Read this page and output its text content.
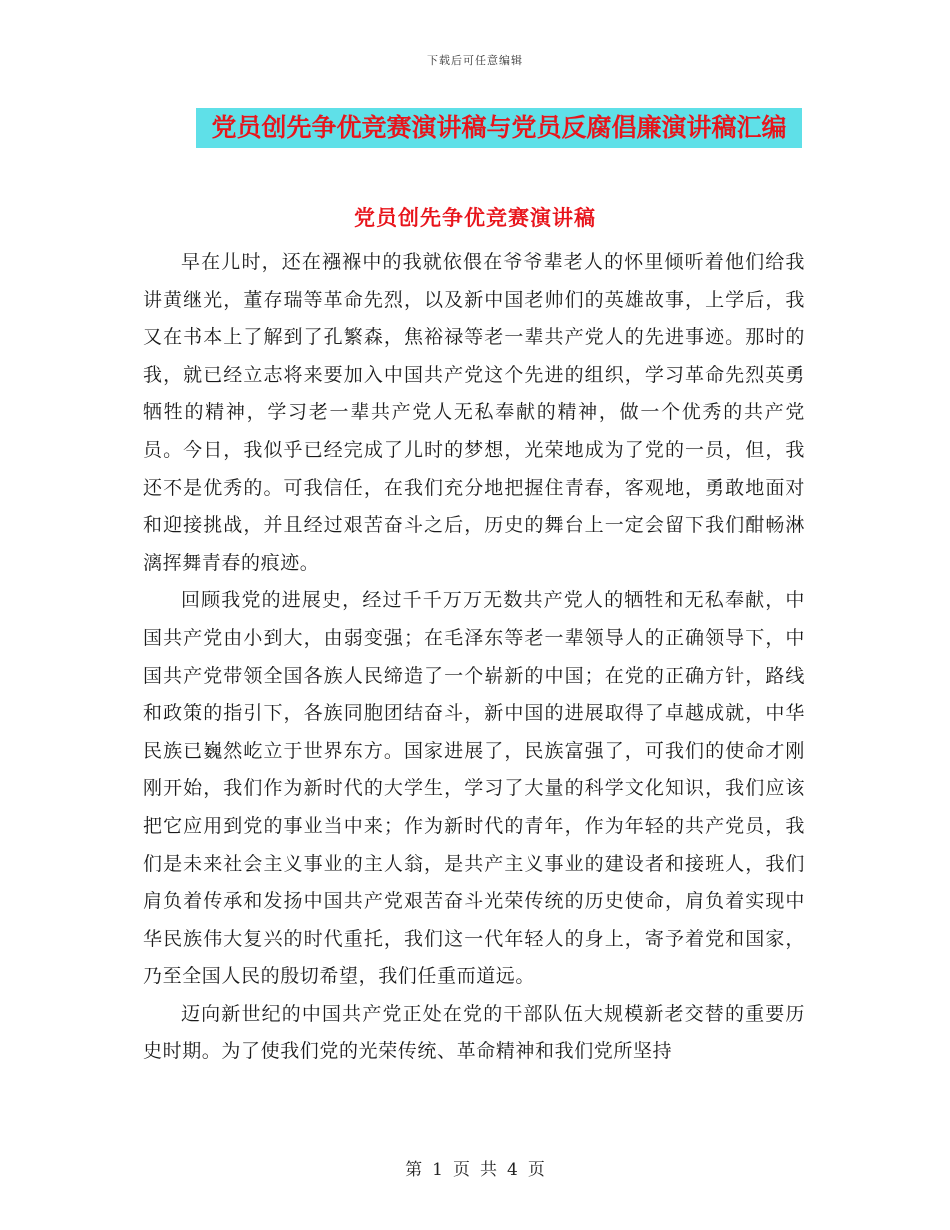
下载后可任意编辑
党员创先争优竞赛演讲稿与党员反腐倡廉演讲稿汇编
党员创先争优竞赛演讲稿

早在儿时，还在襁褓中的我就依偎在爷爷辈老人的怀里倾听着他们给我讲黄继光，董存瑞等革命先烈，以及新中国老帅们的英雄故事，上学后，我又在书本上了解到了孔繁森，焦裕禄等老一辈共产党人的先进事迹。那时的我，就已经立志将来要加入中国共产党这个先进的组织，学习革命先烈英勇牺牲的精神，学习老一辈共产党人无私奉献的精神，做一个优秀的共产党员。今日，我似乎已经完成了儿时的梦想，光荣地成为了党的一员，但，我还不是优秀的。可我信任，在我们充分地把握住青春，客观地，勇敢地面对和迎接挑战，并且经过艰苦奋斗之后，历史的舞台上一定会留下我们酣畅淋漓挥舞青春的痕迹。

回顾我党的进展史，经过千千万万无数共产党人的牺牲和无私奉献，中国共产党由小到大，由弱变强；在毛泽东等老一辈领导人的正确领导下，中国共产党带领全国各族人民缔造了一个崭新的中国；在党的正确方针，路线和政策的指引下，各族同胞团结奋斗，新中国的进展取得了卓越成就，中华民族已巍然屹立于世界东方。国家进展了，民族富强了，可我们的使命才刚刚开始，我们作为新时代的大学生，学习了大量的科学文化知识，我们应该把它应用到党的事业当中来；作为新时代的青年，作为年轻的共产党员，我们是未来社会主义事业的主人翁，是共产主义事业的建设者和接班人，我们肩负着传承和发扬中国共产党艰苦奋斗光荣传统的历史使命，肩负着实现中华民族伟大复兴的时代重托，我们这一代年轻人的身上，寄予着党和国家，乃至全国人民的殷切希望，我们任重而道远。

迈向新世纪的中国共产党正处在党的干部队伍大规模新老交替的重要历史时期。为了使我们党的光荣传统、革命精神和我们党所坚持

第 1 页 共 4 页
